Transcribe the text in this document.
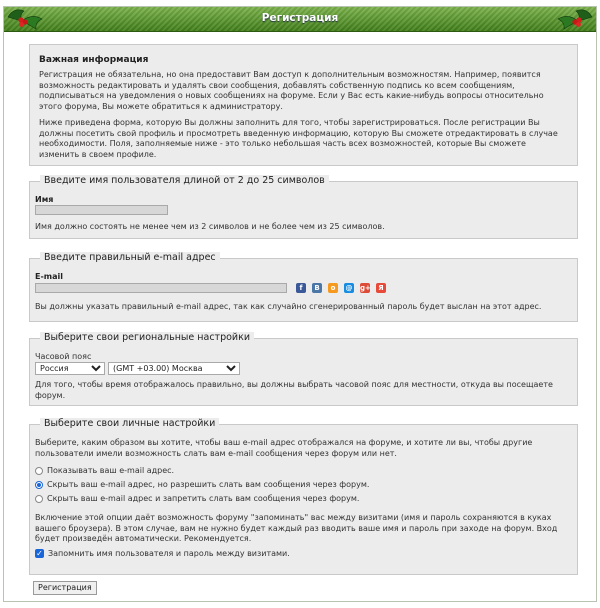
Регистрация
Важная информация

Регистрация не обязательна, но она предоставит Вам доступ к дополнительным возможностям. Например, появится возможность редактировать и удалять свои сообщения, добавлять собственную подпись ко всем сообщениям, подписываться на уведомления о новых сообщениях на форуме. Если у Вас есть какие-нибудь вопросы относительно этого форума, Вы можете обратиться к администратору.

Ниже приведена форма, которую Вы должны заполнить для того, чтобы зарегистрироваться. После регистрации Вы должны посетить свой профиль и просмотреть введенную информацию, которую Вы сможете отредактировать в случае необходимости. Поля, заполняемые ниже - это только небольшая часть всех возможностей, которые Вы сможете изменить в своем профиле.

Введите имя пользователя длиной от 2 до 25 символов
Имя

Имя должно состоять не менее чем из 2 символов и не более чем из 25 символов.

Введите правильный e-mail адрес
E-mail
f	B	о	@ g+	Я

Вы должны указать правильный e-mail адрес, так как случайно сгенерированный пароль будет выслан на этот адрес.

Выберите свои региональные настройки
Часовой пояс
Россия
(GMT +03.00) Москва

Для того, чтобы время отображалось правильно, вы должны выбрать часовой пояс для местности, откуда вы посещаете форум.

Выберите свои личные настройки

Выберите, каким образом вы хотите, чтобы ваш e-mail адрес отображался на форуме, и хотите ли вы, чтобы другие пользователи имели возможность слать вам e-mail сообщения через форум или нет.

Показывать ваш e-mail адрес.
Скрыть ваш e-mail адрес, но разрешить слать вам сообщения через форум.
Скрыть ваш e-mail адрес и запретить слать вам сообщения через форум.

Включение этой опции даёт возможность форуму "запоминать" вас между визитами (имя и пароль сохраняются в куках вашего броузера). В этом случае, вам не нужно будет каждый раз вводить ваше имя и пароль при заходе на форум. Вход будет произведён автоматически. Рекомендуется.

✓ Запомнить имя пользователя и пароль между визитами.
Регистрация
